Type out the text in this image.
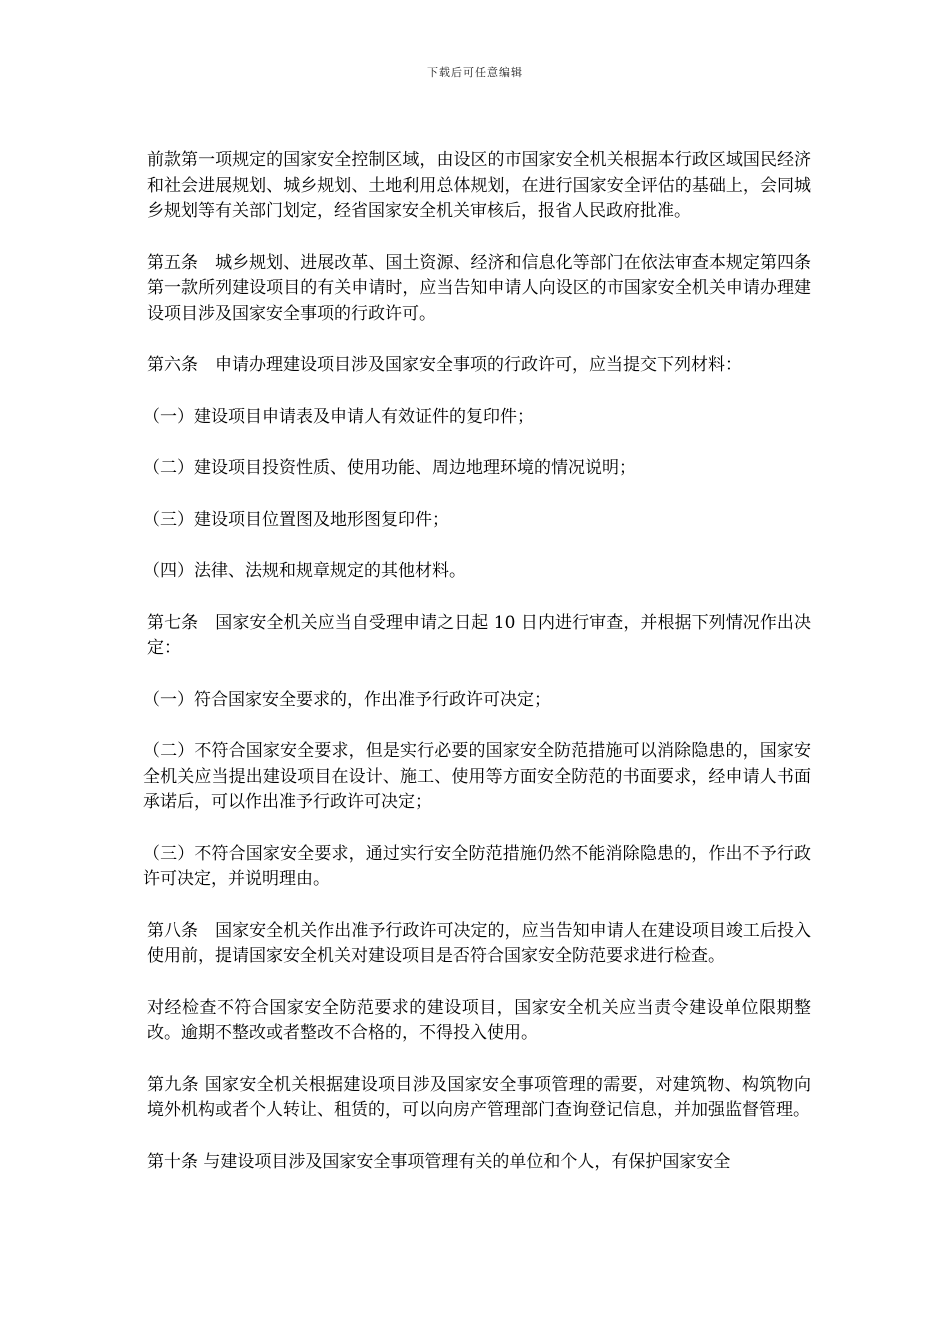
下载后可任意编辑

前款第一项规定的国家安全控制区域，由设区的市国家安全机关根据本行政区域国民经济和社会进展规划、城乡规划、土地利用总体规划，在进行国家安全评估的基础上，会同城乡规划等有关部门划定，经省国家安全机关审核后，报省人民政府批准。

第五条　城乡规划、进展改革、国土资源、经济和信息化等部门在依法审查本规定第四条第一款所列建设项目的有关申请时，应当告知申请人向设区的市国家安全机关申请办理建设项目涉及国家安全事项的行政许可。

第六条　申请办理建设项目涉及国家安全事项的行政许可，应当提交下列材料：

（一）建设项目申请表及申请人有效证件的复印件；

（二）建设项目投资性质、使用功能、周边地理环境的情况说明；

（三）建设项目位置图及地形图复印件；

（四）法律、法规和规章规定的其他材料。

第七条　国家安全机关应当自受理申请之日起 10 日内进行审查，并根据下列情况作出决定：

（一）符合国家安全要求的，作出准予行政许可决定；

（二）不符合国家安全要求，但是实行必要的国家安全防范措施可以消除隐患的，国家安全机关应当提出建设项目在设计、施工、使用等方面安全防范的书面要求，经申请人书面承诺后，可以作出准予行政许可决定；

（三）不符合国家安全要求，通过实行安全防范措施仍然不能消除隐患的，作出不予行政许可决定，并说明理由。

第八条　国家安全机关作出准予行政许可决定的，应当告知申请人在建设项目竣工后投入使用前，提请国家安全机关对建设项目是否符合国家安全防范要求进行检查。

对经检查不符合国家安全防范要求的建设项目，国家安全机关应当责令建设单位限期整改。逾期不整改或者整改不合格的，不得投入使用。

第九条 国家安全机关根据建设项目涉及国家安全事项管理的需要，对建筑物、构筑物向境外机构或者个人转让、租赁的，可以向房产管理部门查询登记信息，并加强监督管理。

第十条 与建设项目涉及国家安全事项管理有关的单位和个人，有保护国家安全
